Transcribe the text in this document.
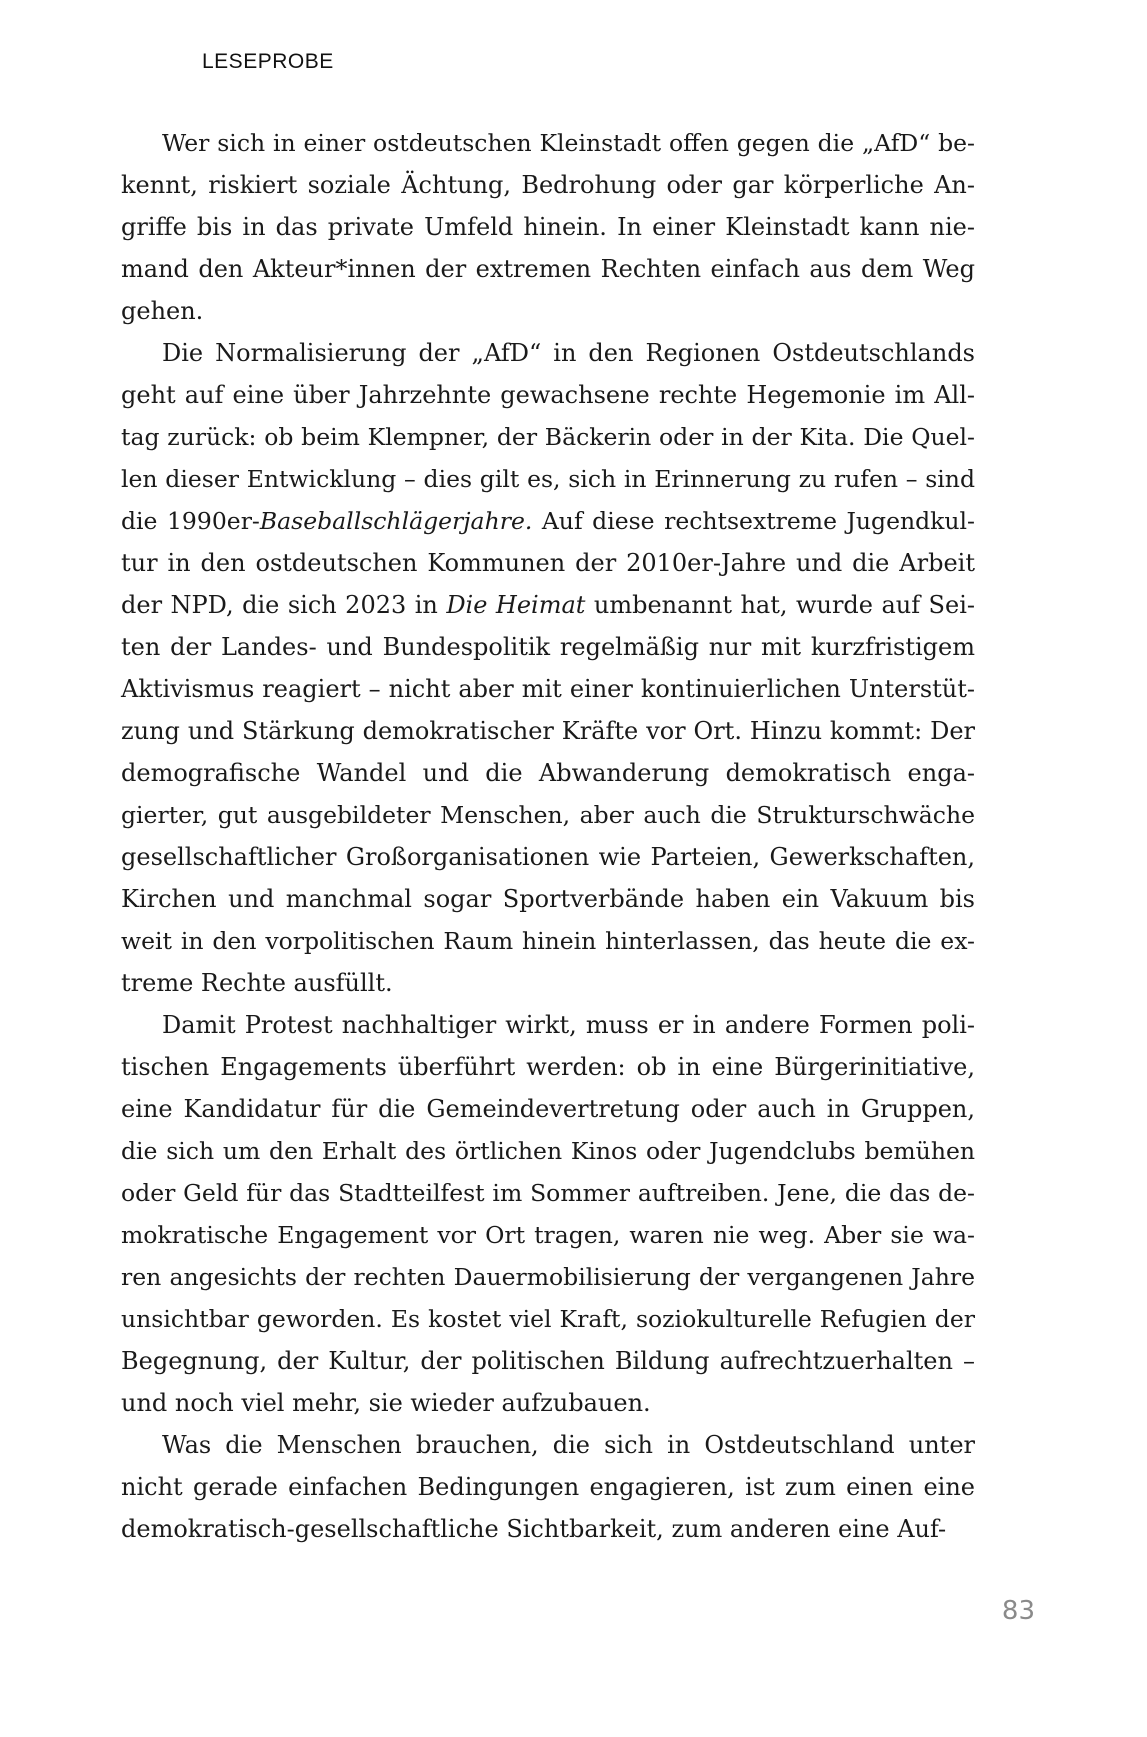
LESEPROBE
Wer sich in einer ostdeutschen Kleinstadt offen gegen die „AfD“ be-
kennt, riskiert soziale Ächtung, Bedrohung oder gar körperliche An-
griffe bis in das private Umfeld hinein. In einer Kleinstadt kann nie-
mand den Akteur*innen der extremen Rechten einfach aus dem Weg
gehen.
Die Normalisierung der „AfD“ in den Regionen Ostdeutschlands
geht auf eine über Jahrzehnte gewachsene rechte Hegemonie im All-
tag zurück: ob beim Klempner, der Bäckerin oder in der Kita. Die Quel-
len dieser Entwicklung – dies gilt es, sich in Erinnerung zu rufen – sind
die 1990er-Baseballschlägerjahre. Auf diese rechtsextreme Jugendkul-
tur in den ostdeutschen Kommunen der 2010er-Jahre und die Arbeit
der NPD, die sich 2023 in Die Heimat umbenannt hat, wurde auf Sei-
ten der Landes- und Bundespolitik regelmäßig nur mit kurzfristigem
Aktivismus reagiert – nicht aber mit einer kontinuierlichen Unterstüt-
zung und Stärkung demokratischer Kräfte vor Ort. Hinzu kommt: Der
demografische Wandel und die Abwanderung demokratisch enga-
gierter, gut ausgebildeter Menschen, aber auch die Strukturschwäche
gesellschaftlicher Großorganisationen wie Parteien, Gewerkschaften,
Kirchen und manchmal sogar Sportverbände haben ein Vakuum bis
weit in den vorpolitischen Raum hinein hinterlassen, das heute die ex-
treme Rechte ausfüllt.
Damit Protest nachhaltiger wirkt, muss er in andere Formen poli-
tischen Engagements überführt werden: ob in eine Bürgerinitiative,
eine Kandidatur für die Gemeindevertretung oder auch in Gruppen,
die sich um den Erhalt des örtlichen Kinos oder Jugendclubs bemühen
oder Geld für das Stadtteilfest im Sommer auftreiben. Jene, die das de-
mokratische Engagement vor Ort tragen, waren nie weg. Aber sie wa-
ren angesichts der rechten Dauermobilisierung der vergangenen Jahre
unsichtbar geworden. Es kostet viel Kraft, soziokulturelle Refugien der
Begegnung, der Kultur, der politischen Bildung aufrechtzuerhalten –
und noch viel mehr, sie wieder aufzubauen.
Was die Menschen brauchen, die sich in Ostdeutschland unter
nicht gerade einfachen Bedingungen engagieren, ist zum einen eine
demokratisch-gesellschaftliche Sichtbarkeit, zum anderen eine Auf-
83
